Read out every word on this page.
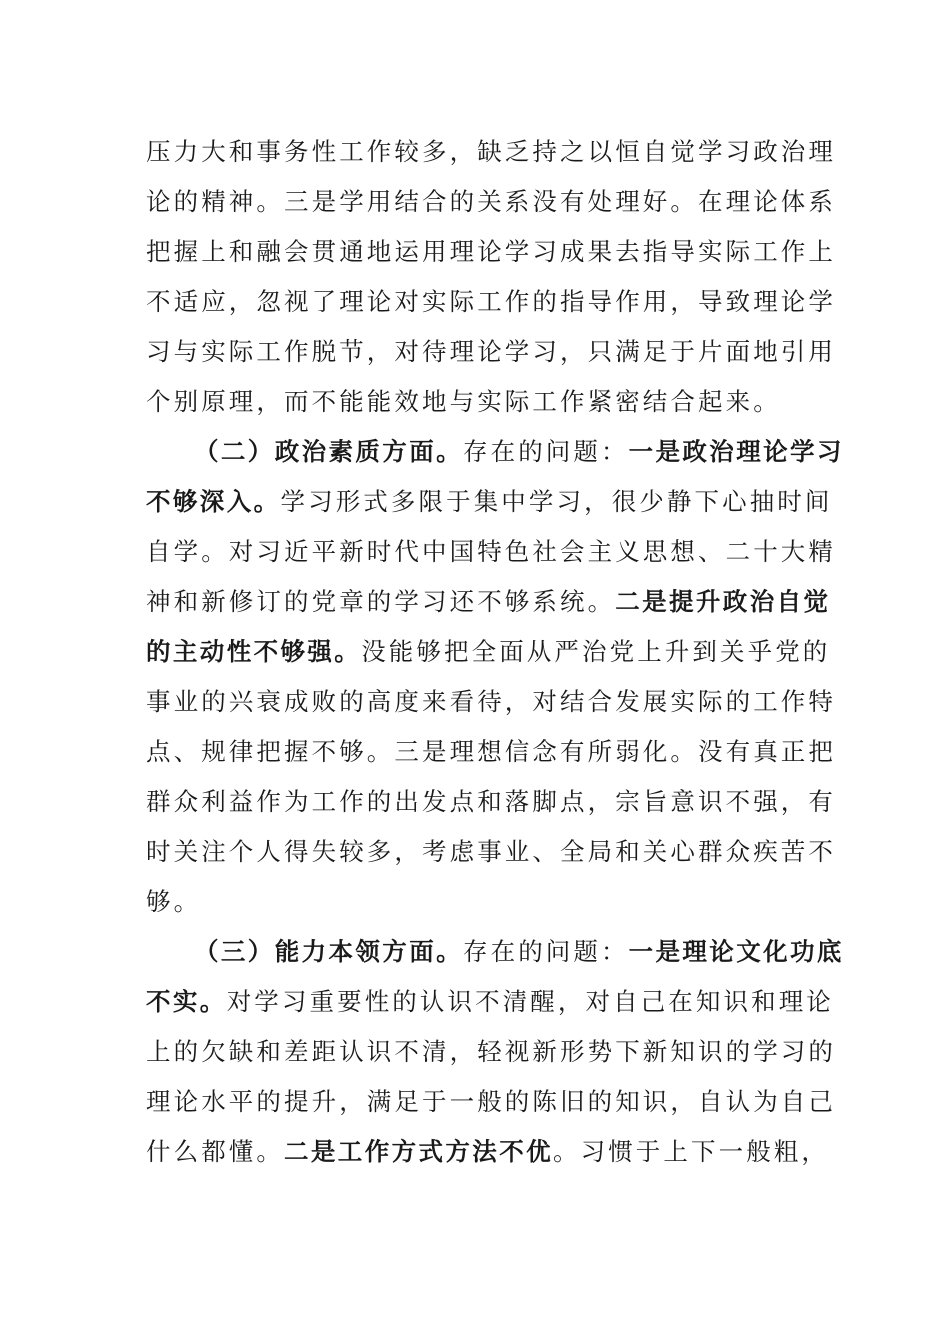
压力大和事务性工作较多，缺乏持之以恒自觉学习政治理
论的精神。三是学用结合的关系没有处理好。在理论体系
把握上和融会贯通地运用理论学习成果去指导实际工作上
不适应，忽视了理论对实际工作的指导作用，导致理论学
习与实际工作脱节，对待理论学习，只满足于片面地引用
个别原理，而不能能效地与实际工作紧密结合起来。
（二）政治素质方面。存在的问题：一是政治理论学习
不够深入。学习形式多限于集中学习，很少静下心抽时间
自学。对习近平新时代中国特色社会主义思想、二十大精
神和新修订的党章的学习还不够系统。二是提升政治自觉
的主动性不够强。没能够把全面从严治党上升到关乎党的
事业的兴衰成败的高度来看待，对结合发展实际的工作特
点、规律把握不够。三是理想信念有所弱化。没有真正把
群众利益作为工作的出发点和落脚点，宗旨意识不强，有
时关注个人得失较多，考虑事业、全局和关心群众疾苦不
够。
（三）能力本领方面。存在的问题：一是理论文化功底
不实。对学习重要性的认识不清醒，对自己在知识和理论
上的欠缺和差距认识不清，轻视新形势下新知识的学习的
理论水平的提升，满足于一般的陈旧的知识，自认为自己
什么都懂。二是工作方式方法不优。习惯于上下一般粗，
